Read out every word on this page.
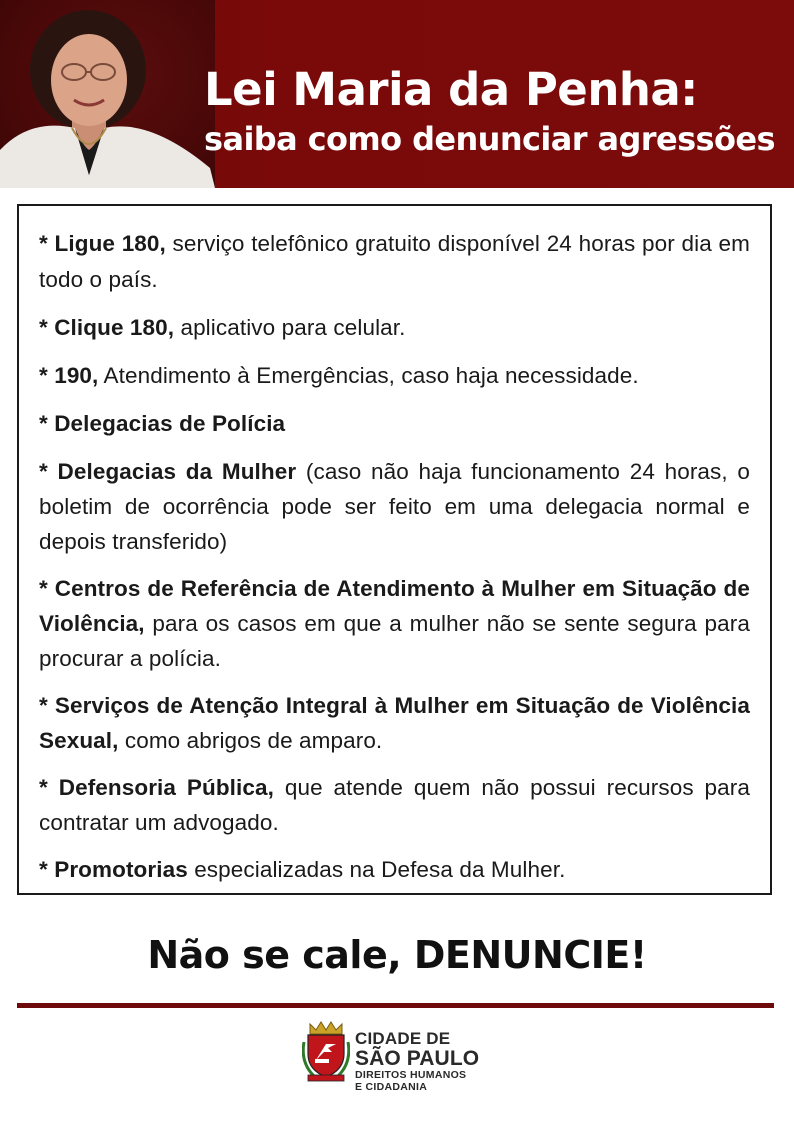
Lei Maria da Penha:
saiba como denunciar agressões

* Ligue 180, serviço telefônico gratuito disponível 24 horas por dia em todo o país.

* Clique 180, aplicativo para celular.

* 190, Atendimento à Emergências, caso haja necessidade.

* Delegacias de Polícia

* Delegacias da Mulher (caso não haja funcionamento 24 horas, o boletim de ocorrência pode ser feito em uma delegacia normal e depois transferido)

* Centros de Referência de Atendimento à Mulher em Situação de Violência, para os casos em que a mulher não se sente segura para procurar a polícia.

* Serviços de Atenção Integral à Mulher em Situação de Violência Sexual, como abrigos de amparo.

* Defensoria Pública, que atende quem não possui recursos para contratar um advogado.

* Promotorias especializadas na Defesa da Mulher.

Não se cale, DENUNCIE!
CIDADE DE
SÃO PAULO
DIREITOS HUMANOS
E CIDADANIA
